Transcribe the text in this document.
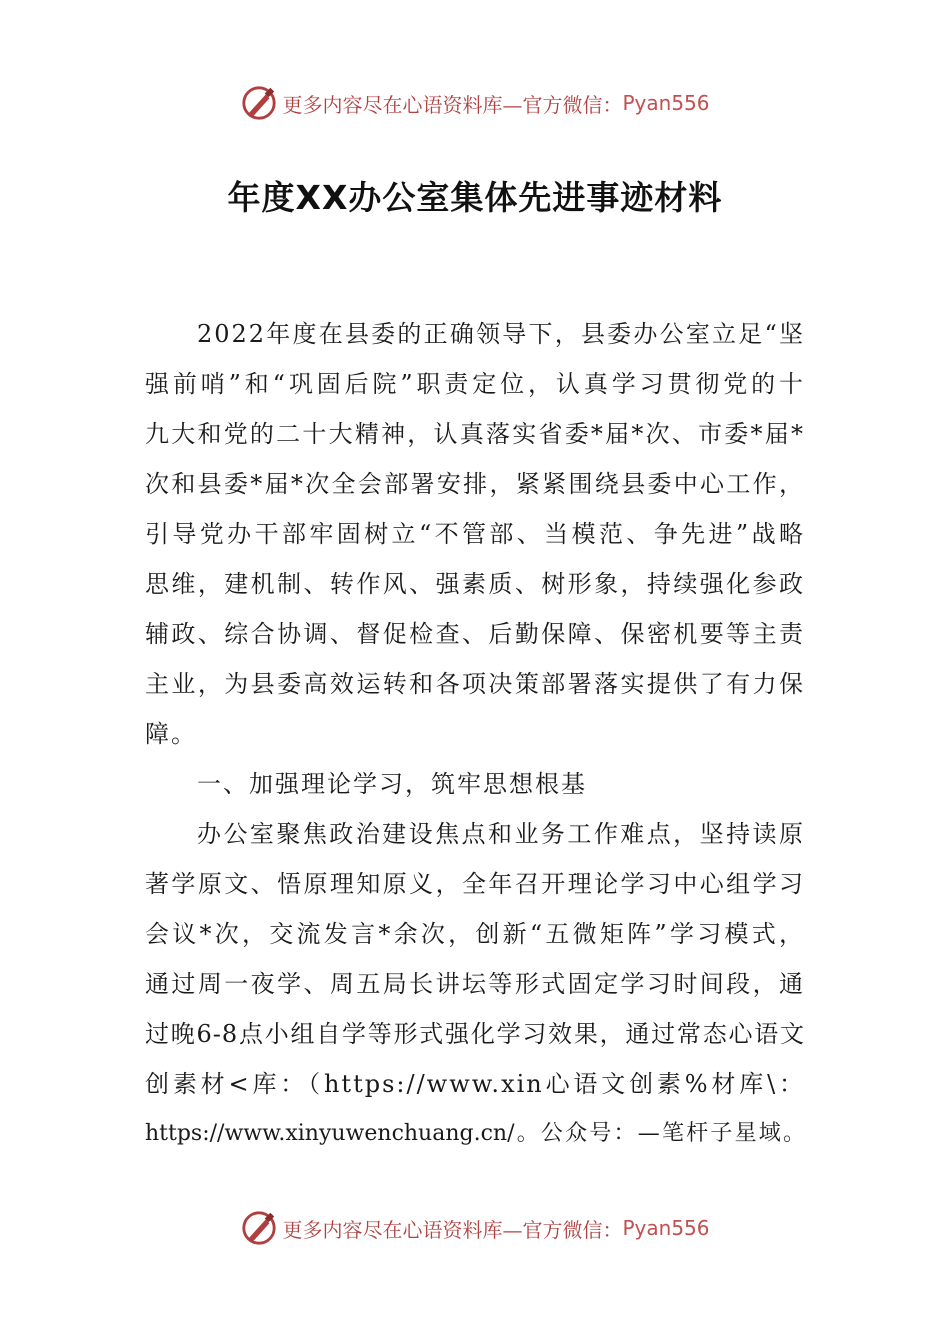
更多内容尽在心语资料库—官方微信： Pyan556
年度XX办公室集体先进事迹材料
2022年度在县委的正确领导下，县委办公室立足“坚
强前哨”和“巩固后院”职责定位，认真学习贯彻党的十
九大和党的二十大精神，认真落实省委*届*次、市委*届*
次和县委*届*次全会部署安排，紧紧围绕县委中心工作，
引导党办干部牢固树立“不管部、当模范、争先进”战略
思维，建机制、转作风、强素质、树形象，持续强化参政
辅政、综合协调、督促检查、后勤保障、保密机要等主责
主业，为县委高效运转和各项决策部署落实提供了有力保
障。
一、加强理论学习，筑牢思想根基
办公室聚焦政治建设焦点和业务工作难点，坚持读原
著学原文、悟原理知原义，全年召开理论学习中心组学习
会议*次，交流发言*余次，创新“五微矩阵”学习模式，
通过周一夜学、周五局长讲坛等形式固定学习时间段，通
过晚6-8点小组自学等形式强化学习效果，通过常态心语文
创素材<库：（https://www.xin心语文创素%材库\：
https://www.xinyuwenchuang.cn/。公众号：—笔杆子星域。
更多内容尽在心语资料库—官方微信： Pyan556
